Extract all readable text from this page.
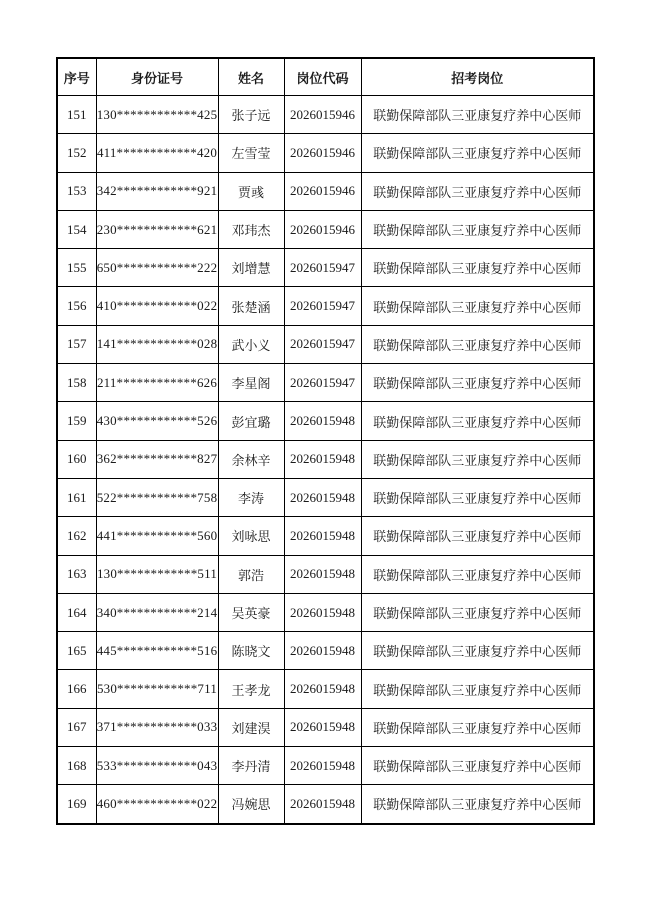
序号	身份证号	姓名	岗位代码	招考岗位
151	130************425	张子远	2026015946	联勤保障部队三亚康复疗养中心医师
152	411************420	左雪莹	2026015946	联勤保障部队三亚康复疗养中心医师
153	342************921	贾彧	2026015946	联勤保障部队三亚康复疗养中心医师
154	230************621	邓玮杰	2026015946	联勤保障部队三亚康复疗养中心医师
155	650************222	刘增慧	2026015947	联勤保障部队三亚康复疗养中心医师
156	410************022	张楚涵	2026015947	联勤保障部队三亚康复疗养中心医师
157	141************028	武小义	2026015947	联勤保障部队三亚康复疗养中心医师
158	211************626	李星阁	2026015947	联勤保障部队三亚康复疗养中心医师
159	430************526	彭宜璐	2026015948	联勤保障部队三亚康复疗养中心医师
160	362************827	余林辛	2026015948	联勤保障部队三亚康复疗养中心医师
161	522************758	李涛	2026015948	联勤保障部队三亚康复疗养中心医师
162	441************560	刘咏思	2026015948	联勤保障部队三亚康复疗养中心医师
163	130************511	郭浩	2026015948	联勤保障部队三亚康复疗养中心医师
164	340************214	吴英豪	2026015948	联勤保障部队三亚康复疗养中心医师
165	445************516	陈晓文	2026015948	联勤保障部队三亚康复疗养中心医师
166	530************711	王孝龙	2026015948	联勤保障部队三亚康复疗养中心医师
167	371************033	刘建淏	2026015948	联勤保障部队三亚康复疗养中心医师
168	533************043	李丹清	2026015948	联勤保障部队三亚康复疗养中心医师
169	460************022	冯婉思	2026015948	联勤保障部队三亚康复疗养中心医师
